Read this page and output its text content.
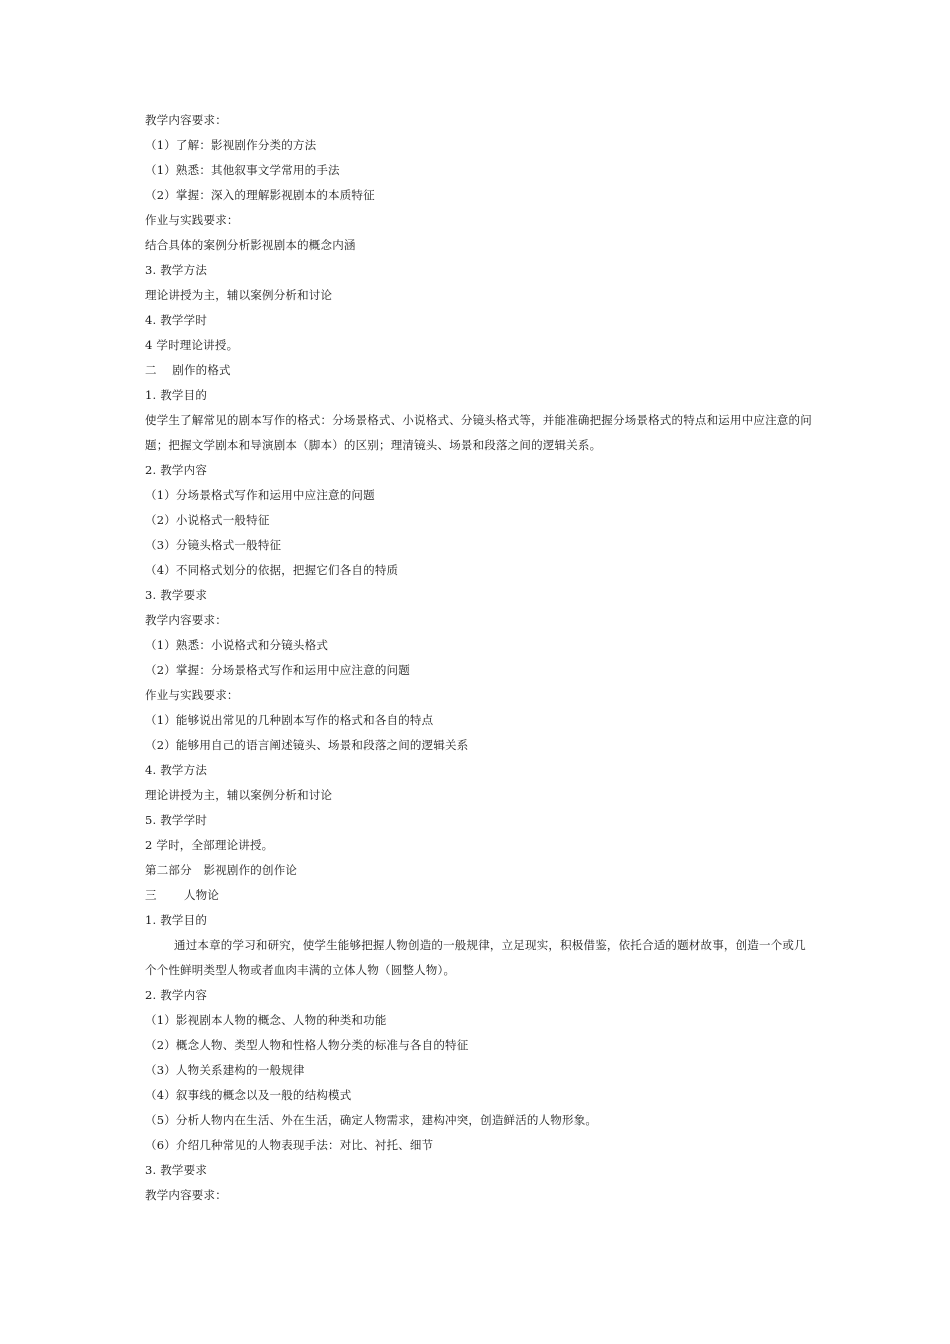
教学内容要求：
（1）了解：影视剧作分类的方法
（1）熟悉：其他叙事文学常用的手法
（2）掌握：深入的理解影视剧本的本质特征
作业与实践要求：
结合具体的案例分析影视剧本的概念内涵
3. 教学方法
理论讲授为主，辅以案例分析和讨论
4. 教学学时
4 学时理论讲授。
二　 剧作的格式
1. 教学目的
使学生了解常见的剧本写作的格式：分场景格式、小说格式、分镜头格式等，并能准确把握分场景格式的特点和运用中应注意的问题；把握文学剧本和导演剧本（脚本）的区别；理清镜头、场景和段落之间的逻辑关系。
2. 教学内容
（1）分场景格式写作和运用中应注意的问题
（2）小说格式一般特征
（3）分镜头格式一般特征
（4）不同格式划分的依据，把握它们各自的特质
3. 教学要求
教学内容要求：
（1）熟悉：小说格式和分镜头格式
（2）掌握：分场景格式写作和运用中应注意的问题
作业与实践要求：
（1）能够说出常见的几种剧本写作的格式和各自的特点
（2）能够用自己的语言阐述镜头、场景和段落之间的逻辑关系
4. 教学方法
理论讲授为主，辅以案例分析和讨论
5. 教学学时
2 学时，全部理论讲授。
第二部分　影视剧作的创作论
三　　 人物论
1. 教学目的
通过本章的学习和研究，使学生能够把握人物创造的一般规律，立足现实，积极借鉴，依托合适的题材故事，创造一个或几个个性鲜明类型人物或者血肉丰满的立体人物（圆整人物）。
2. 教学内容
（1）影视剧本人物的概念、人物的种类和功能
（2）概念人物、类型人物和性格人物分类的标准与各自的特征
（3）人物关系建构的一般规律
（4）叙事线的概念以及一般的结构模式
（5）分析人物内在生活、外在生活，确定人物需求，建构冲突，创造鲜活的人物形象。
（6）介绍几种常见的人物表现手法：对比、衬托、细节
3. 教学要求
教学内容要求：
